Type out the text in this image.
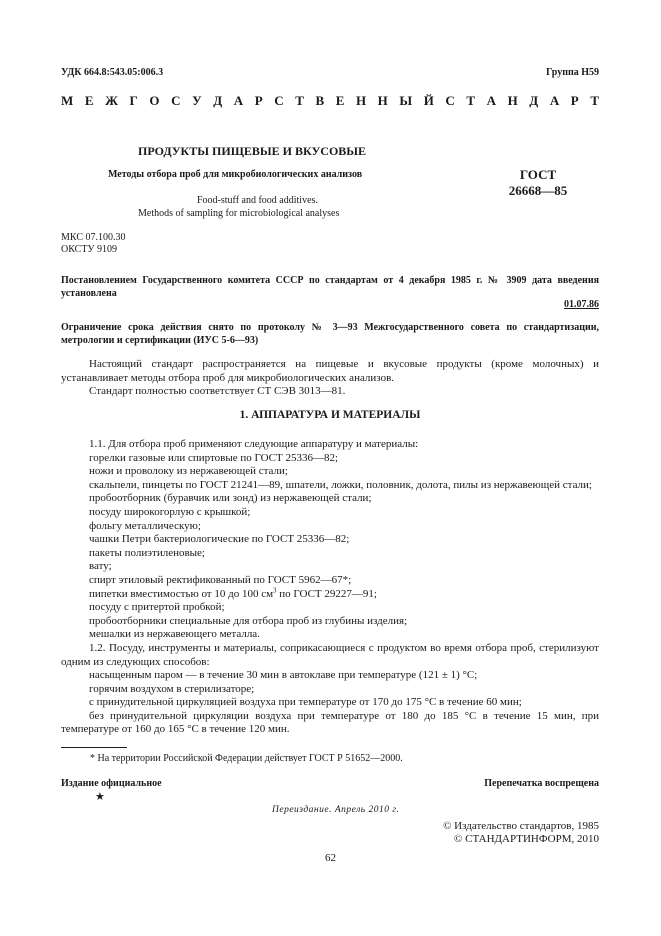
УДК 664.8:543.05:006.3	Группа Н59
М Е Ж Г О С У Д А Р С Т В Е Н Н Ы Й С Т А Н Д А Р Т
ПРОДУКТЫ ПИЩЕВЫЕ И ВКУСОВЫЕ
Методы отбора проб для микробиологических анализов
Food-stuff and food additives.
Methods of sampling for microbiological analyses
ГОСТ
26668—85
МКС 07.100.30
ОКСТУ 9109
Постановлением Государственного комитета СССР по стандартам от 4 декабря 1985 г. № 3909 дата введения установлена
01.07.86
Ограничение срока действия снято по протоколу № 3—93 Межгосударственного совета по стандартизации, метрологии и сертификации (ИУС 5-6—93)

Настоящий стандарт распространяется на пищевые и вкусовые продукты (кроме молочных) и устанавливает методы отбора проб для микробиологических анализов.

Стандарт полностью соответствует СТ СЭВ 3013—81.

1. АППАРАТУРА И МАТЕРИАЛЫ

1.1. Для отбора проб применяют следующие аппаратуру и материалы:

горелки газовые или спиртовые по ГОСТ 25336—82;

ножи и проволоку из нержавеющей стали;

скальпели, пинцеты по ГОСТ 21241—89, шпатели, ложки, половник, долота, пилы из нержавеющей стали;

пробоотборник (буравчик или зонд) из нержавеющей стали;

посуду широкогорлую с крышкой;

фольгу металлическую;

чашки Петри бактериологические по ГОСТ 25336—82;

пакеты полиэтиленовые;

вату;

спирт этиловый ректификованный по ГОСТ 5962—67*;

пипетки вместимостью от 10 до 100 $см^3$ по ГОСТ 29227—91;

посуду с притертой пробкой;

пробоотборники специальные для отбора проб из глубины изделия;

мешалки из нержавеющего металла.

1.2. Посуду, инструменты и материалы, соприкасающиеся с продуктом во время отбора проб, стерилизуют одним из следующих способов:

насыщенным паром — в течение 30 мин в автоклаве при температуре (121 ± 1) °С;

горячим воздухом в стерилизаторе;

с принудительной циркуляцией воздуха при температуре от 170 до 175 °С в течение 60 мин;

без принудительной циркуляции воздуха при температуре от 180 до 185 °С в течение 15 мин, при температуре от 160 до 165 °С в течение 120 мин.

* На территории Российской Федерации действует ГОСТ Р 51652—2000.
Издание официальное
★
Перепечатка воспрещена
Переиздание. Апрель 2010 г.
© Издательство стандартов, 1985
© СТАНДАРТИНФОРМ, 2010
62
